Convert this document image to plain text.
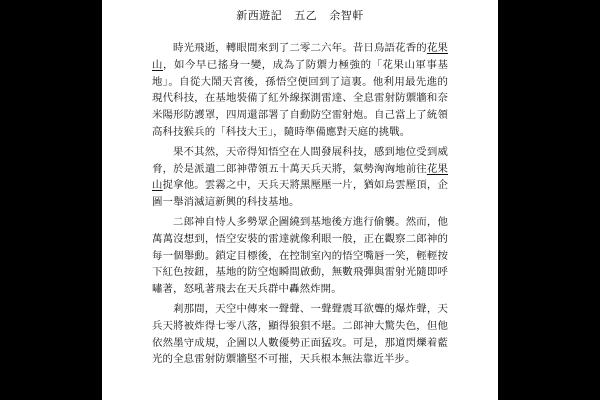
新西遊記 五乙 余智軒

時光飛逝，轉眼間來到了二零二六年。昔日鳥語花香的花果山，如今早已搖身一變，成為了防禦力極強的「花果山軍事基地」。自從大鬧天宮後，孫悟空便回到了這裏。他利用最先進的現代科技，在基地裝備了紅外線探測雷達、全息雷射防禦牆和奈米陽形防護罩，四周還部署了自動防空雷射炮。自己當上了統領高科技猴兵的「科技大王」，隨時準備應對天庭的挑戰。

果不其然，天帝得知悟空在人間發展科技，感到地位受到威脅，於是派遣二郎神帶領五十萬天兵天將，氣勢洶洶地前往花果山捉拿他。雲霧之中，天兵天將黑壓壓一片，猶如烏雲壓頂，企圖一舉消滅這新興的科技基地。

二郎神自恃人多勢眾企圖繞到基地後方進行偷襲。然而，他萬萬沒想到，悟空安裝的雷達就像利眼一般，正在觀察二郎神的每一個舉動。鎖定目標後，在控制室內的悟空嘴唇一笑，輕輕按下紅色按鈕，基地的防空炮瞬間啟動，無數飛彈與雷射光隨即呼嘯著，怒吼著飛去在天兵群中轟然炸開。

剎那間，天空中傳來一聲聲、一聲聲震耳欲聾的爆炸聲，天兵天將被炸得七零八落，顯得狼狽不堪。二郎神大驚失色，但他依然墨守成規，企圖以人數優勢正面猛攻。可是，那道閃爍着藍光的全息雷射防禦牆堅不可摧，天兵根本無法靠近半步。
